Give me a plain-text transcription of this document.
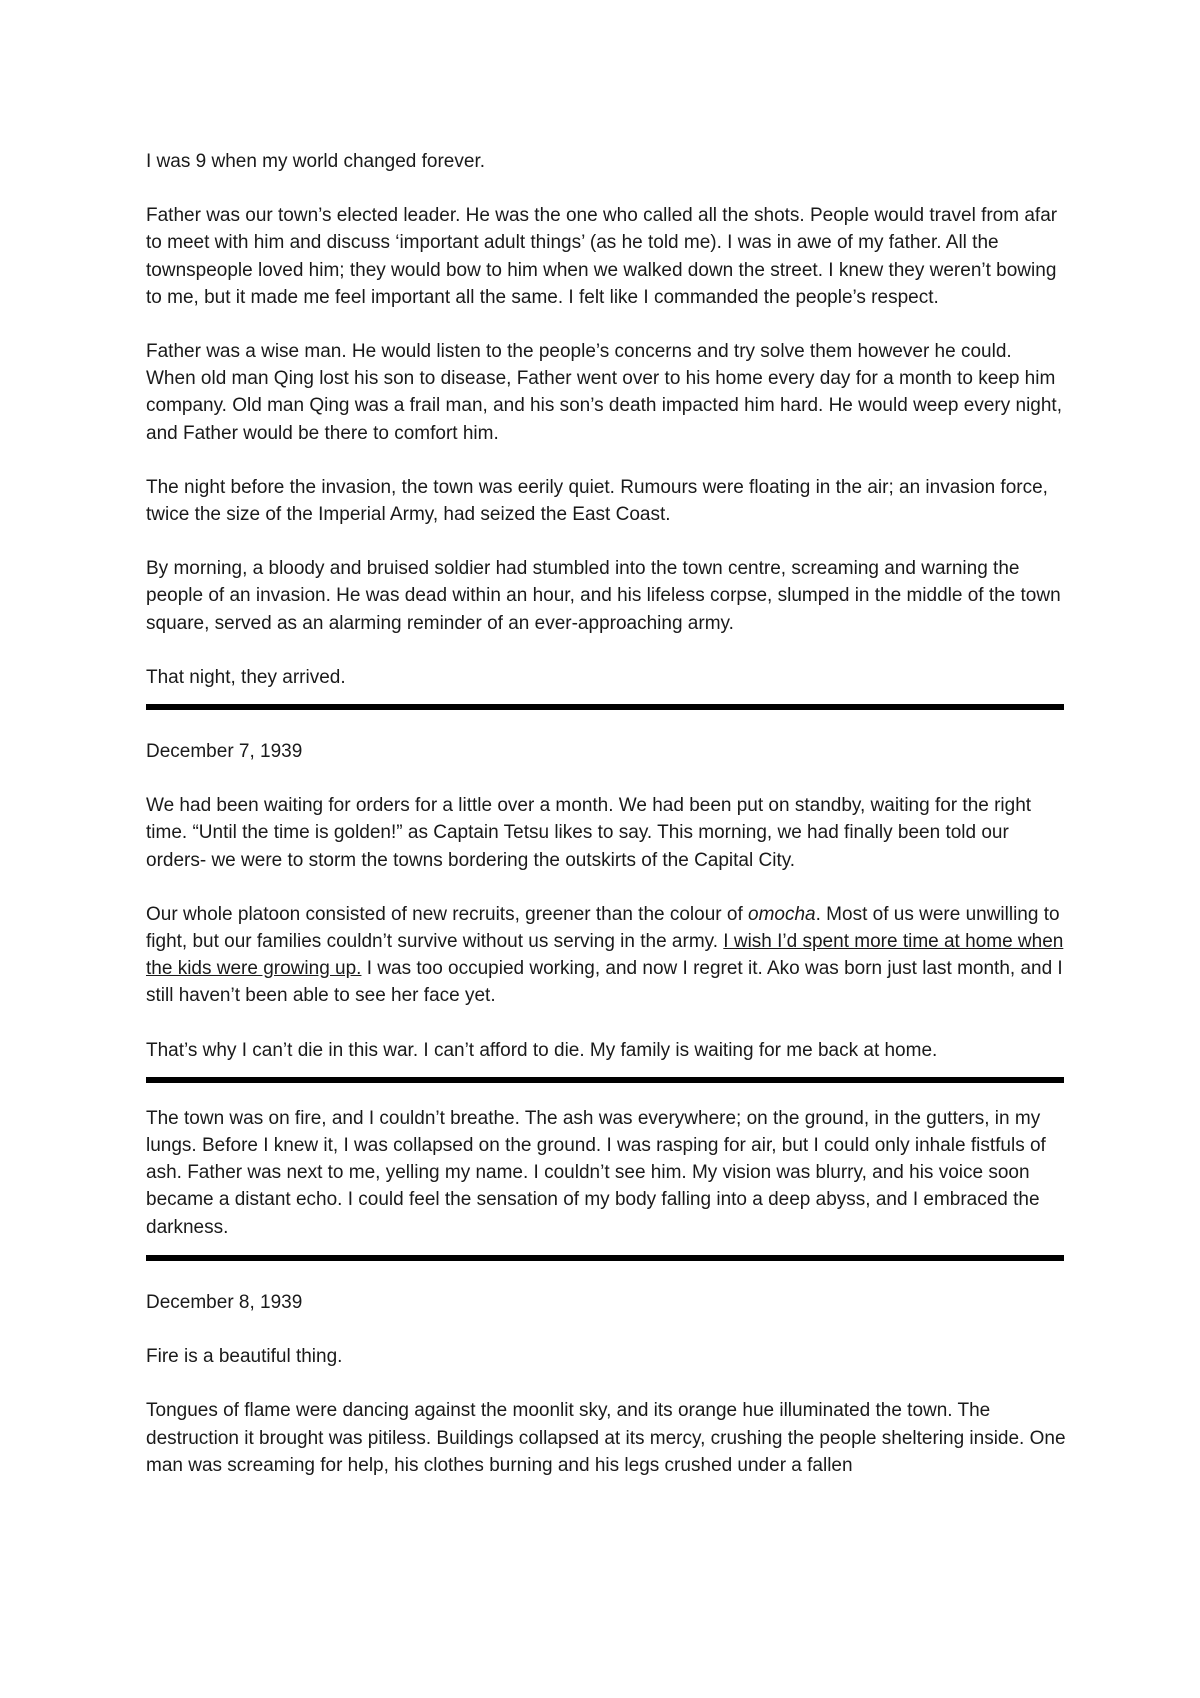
I was 9 when my world changed forever.

Father was our town’s elected leader. He was the one who called all the shots. People would travel from afar to meet with him and discuss ‘important adult things’ (as he told me). I was in awe of my father. All the townspeople loved him; they would bow to him when we walked down the street. I knew they weren’t bowing to me, but it made me feel important all the same. I felt like I commanded the people’s respect.

Father was a wise man. He would listen to the people’s concerns and try solve them however he could. When old man Qing lost his son to disease, Father went over to his home every day for a month to keep him company. Old man Qing was a frail man, and his son’s death impacted him hard. He would weep every night, and Father would be there to comfort him.

The night before the invasion, the town was eerily quiet. Rumours were floating in the air; an invasion force, twice the size of the Imperial Army, had seized the East Coast.

By morning, a bloody and bruised soldier had stumbled into the town centre, screaming and warning the people of an invasion. He was dead within an hour, and his lifeless corpse, slumped in the middle of the town square, served as an alarming reminder of an ever-approaching army.

That night, they arrived.

December 7, 1939

We had been waiting for orders for a little over a month. We had been put on standby, waiting for the right time. “Until the time is golden!” as Captain Tetsu likes to say. This morning, we had finally been told our orders- we were to storm the towns bordering the outskirts of the Capital City.

Our whole platoon consisted of new recruits, greener than the colour of omocha. Most of us were unwilling to fight, but our families couldn’t survive without us serving in the army. I wish I’d spent more time at home when the kids were growing up. I was too occupied working, and now I regret it. Ako was born just last month, and I still haven’t been able to see her face yet.

That’s why I can’t die in this war. I can’t afford to die. My family is waiting for me back at home.

The town was on fire, and I couldn’t breathe. The ash was everywhere; on the ground, in the gutters, in my lungs. Before I knew it, I was collapsed on the ground. I was rasping for air, but I could only inhale fistfuls of ash. Father was next to me, yelling my name. I couldn’t see him. My vision was blurry, and his voice soon became a distant echo. I could feel the sensation of my body falling into a deep abyss, and I embraced the darkness.

December 8, 1939

Fire is a beautiful thing.

Tongues of flame were dancing against the moonlit sky, and its orange hue illuminated the town. The destruction it brought was pitiless. Buildings collapsed at its mercy, crushing the people sheltering inside. One man was screaming for help, his clothes burning and his legs crushed under a fallen
